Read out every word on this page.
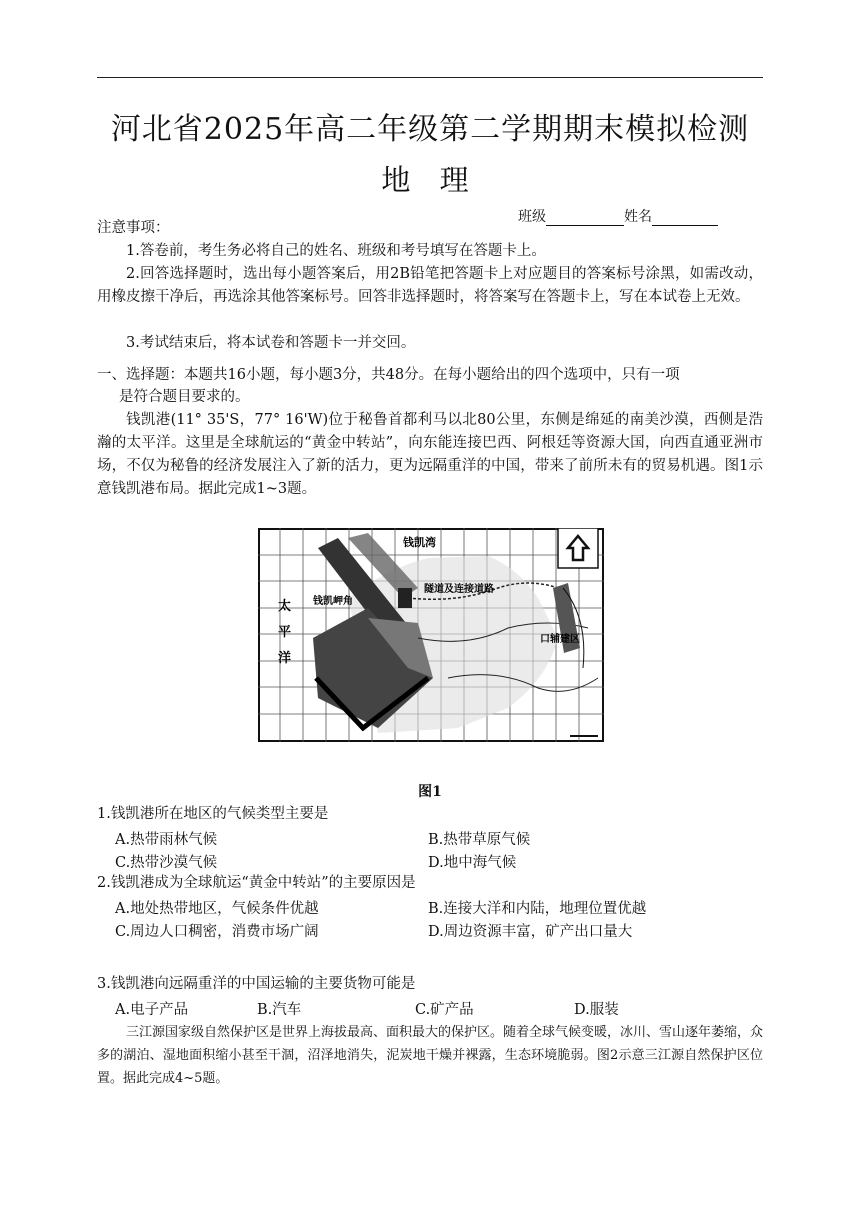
河北省2025年高二年级第二学期期末模拟检测
地 理
班级	姓名
注意事项：
1.答卷前，考生务必将自己的姓名、班级和考号填写在答题卡上。
2.回答选择题时，选出每小题答案后，用2B铅笔把答题卡上对应题目的答案标号涂黑，如需改动，用橡皮擦干净后，再选涂其他答案标号。回答非选择题时，将答案写在答题卡上，写在本试卷上无效。
3.考试结束后，将本试卷和答题卡一并交回。
一、选择题：本题共16小题，每小题3分，共48分。在每小题给出的四个选项中，只有一项
是符合题目要求的。
钱凯港(11° 35'S，77° 16'W)位于秘鲁首都利马以北80公里，东侧是绵延的南美沙漠，西侧是浩瀚的太平洋。这里是全球航运的“黄金中转站”，向东能连接巴西、阿根廷等资源大国，向西直通亚洲市场，不仅为秘鲁的经济发展注入了新的活力，更为远隔重洋的中国，带来了前所未有的贸易机遇。图1示意钱凯港布局。据此完成1~3题。
钱凯湾
钱凯岬角
隧道及连接道路
太
平
洋
口辅建区
图1
1.钱凯港所在地区的气候类型主要是
A.热带雨林气候	B.热带草原气候
C.热带沙漠气候	D.地中海气候
2.钱凯港成为全球航运“黄金中转站”的主要原因是
A.地处热带地区，气候条件优越	B.连接大洋和内陆，地理位置优越
C.周边人口稠密，消费市场广阔	D.周边资源丰富，矿产出口量大
3.钱凯港向远隔重洋的中国运输的主要货物可能是
A.电子产品	B.汽车	C.矿产品	D.服装
三江源国家级自然保护区是世界上海拔最高、面积最大的保护区。随着全球气候变暖，冰川、雪山逐年萎缩，众多的湖泊、湿地面积缩小甚至干涸，沼泽地消失，泥炭地干燥并裸露，生态环境脆弱。图2示意三江源自然保护区位置。据此完成4~5题。
